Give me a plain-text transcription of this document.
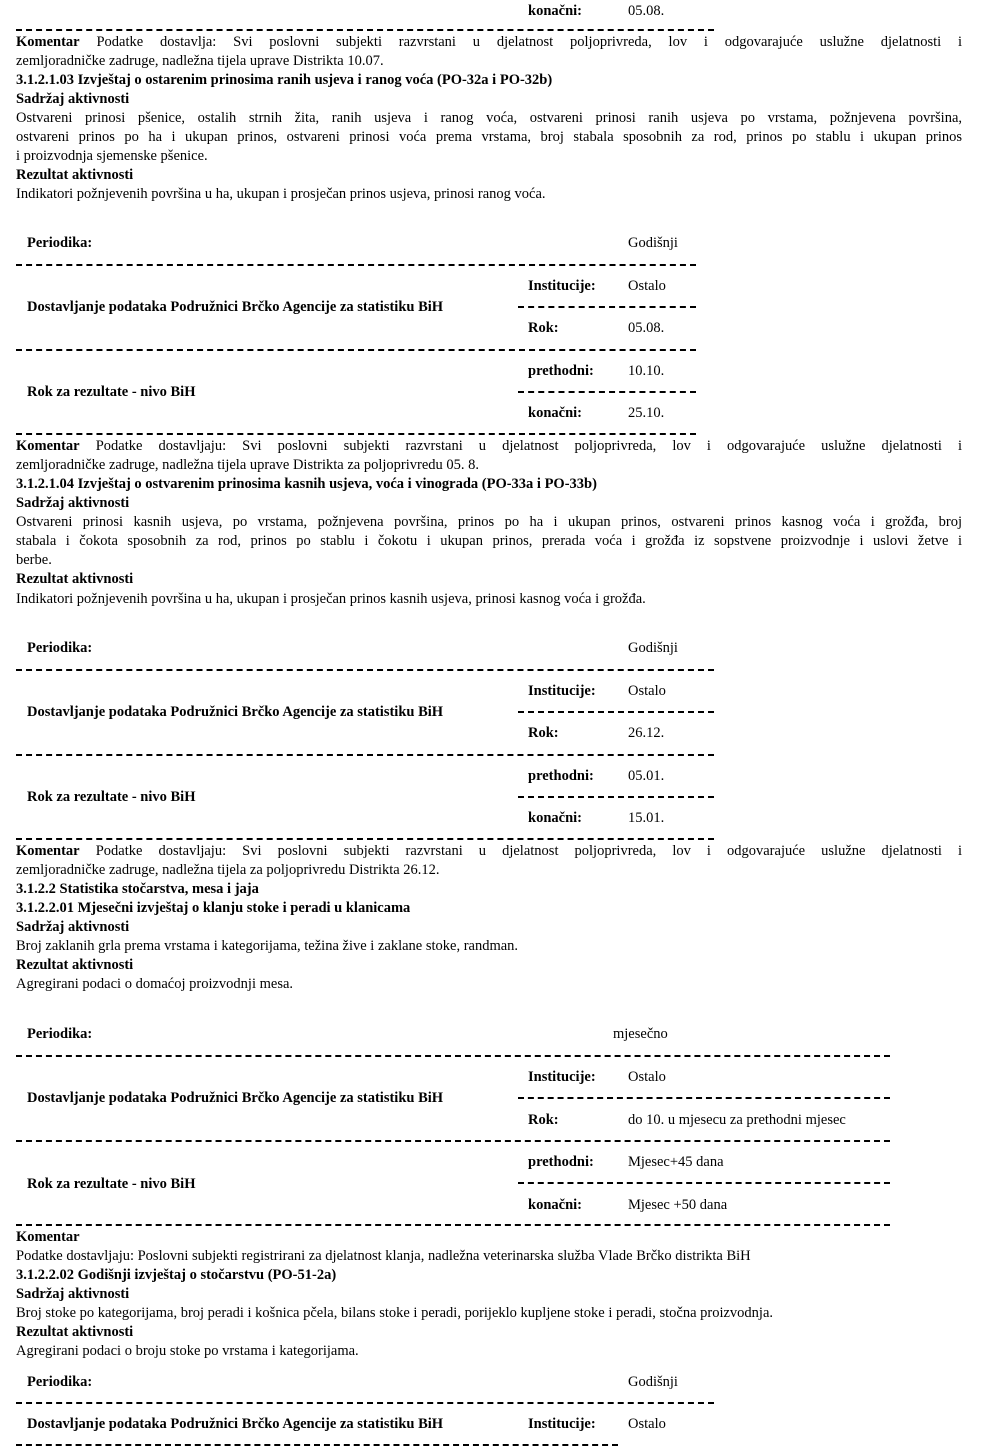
konačni:	05.08.
Komentar Podatke dostavlja: Svi poslovni subjekti razvrstani u djelatnost poljoprivreda, lov i odgovarajuće uslužne djelatnosti i
zemljoradničke zadruge, nadležna tijela uprave Distrikta 10.07.
3.1.2.1.03 Izvještaj o ostarenim prinosima ranih usjeva i ranog voća (PO-32a i PO-32b)
Sadržaj aktivnosti
Ostvareni prinosi pšenice, ostalih strnih žita, ranih usjeva i ranog voća, ostvareni prinosi ranih usjeva po vrstama, požnjevena površina,
ostvareni prinos po ha i ukupan prinos, ostvareni prinosi voća prema vrstama, broj stabala sposobnih za rod, prinos po stablu i ukupan prinos
i proizvodnja sjemenske pšenice.
Rezultat aktivnosti
Indikatori požnjevenih površina u ha, ukupan i prosječan prinos usjeva, prinosi ranog voća.
Periodika:	Godišnji
Institucije: Ostalo
Dostavljanje podataka Podružnici Brčko Agencije za statistiku BiH
Rok:	05.08.
prethodni: 10.10.
Rok za rezultate - nivo BiH
konačni:	25.10.
Komentar Podatke dostavljaju: Svi poslovni subjekti razvrstani u djelatnost poljoprivreda, lov i odgovarajuće uslužne djelatnosti i
zemljoradničke zadruge, nadležna tijela uprave Distrikta za poljoprivredu 05. 8.
3.1.2.1.04 Izvještaj o ostvarenim prinosima kasnih usjeva, voća i vinograda (PO-33a i PO-33b)
Sadržaj aktivnosti
Ostvareni prinosi kasnih usjeva, po vrstama, požnjevena površina, prinos po ha i ukupan prinos, ostvareni prinos kasnog voća i grožđa, broj
stabala i čokota sposobnih za rod, prinos po stablu i čokotu i ukupan prinos, prerada voća i grožđa iz sopstvene proizvodnje i uslovi žetve i
berbe.
Rezultat aktivnosti
Indikatori požnjevenih površina u ha, ukupan i prosječan prinos kasnih usjeva, prinosi kasnog voća i grožđa.
Periodika:	Godišnji
Institucije: Ostalo
Dostavljanje podataka Podružnici Brčko Agencije za statistiku BiH
Rok:	26.12.
prethodni: 05.01.
Rok za rezultate - nivo BiH
konačni:	15.01.
Komentar Podatke dostavljaju: Svi poslovni subjekti razvrstani u djelatnost poljoprivreda, lov i odgovarajuće uslužne djelatnosti i
zemljoradničke zadruge, nadležna tijela za poljoprivredu Distrikta 26.12.
3.1.2.2 Statistika stočarstva, mesa i jaja
3.1.2.2.01 Mjesečni izvještaj o klanju stoke i peradi u klanicama
Sadržaj aktivnosti
Broj zaklanih grla prema vrstama i kategorijama, težina žive i zaklane stoke, randman.
Rezultat aktivnosti
Agregirani podaci o domaćoj proizvodnji mesa.
Periodika:	mjesečno
Institucije: Ostalo
Dostavljanje podataka Podružnici Brčko Agencije za statistiku BiH
Rok:	do 10. u mjesecu za prethodni mjesec
prethodni: Mjesec+45 dana
Rok za rezultate - nivo BiH
konačni:	Mjesec +50 dana
Komentar
Podatke dostavljaju: Poslovni subjekti registrirani za djelatnost klanja, nadležna veterinarska služba Vlade Brčko distrikta BiH
3.1.2.2.02 Godišnji izvještaj o stočarstvu (PO-51-2a)
Sadržaj aktivnosti
Broj stoke po kategorijama, broj peradi i košnica pčela, bilans stoke i peradi, porijeklo kupljene stoke i peradi, stočna proizvodnja.
Rezultat aktivnosti
Agregirani podaci o broju stoke po vrstama i kategorijama.
Periodika:	Godišnji
Dostavljanje podataka Podružnici Brčko Agencije za statistiku BiH	Institucije: Ostalo
